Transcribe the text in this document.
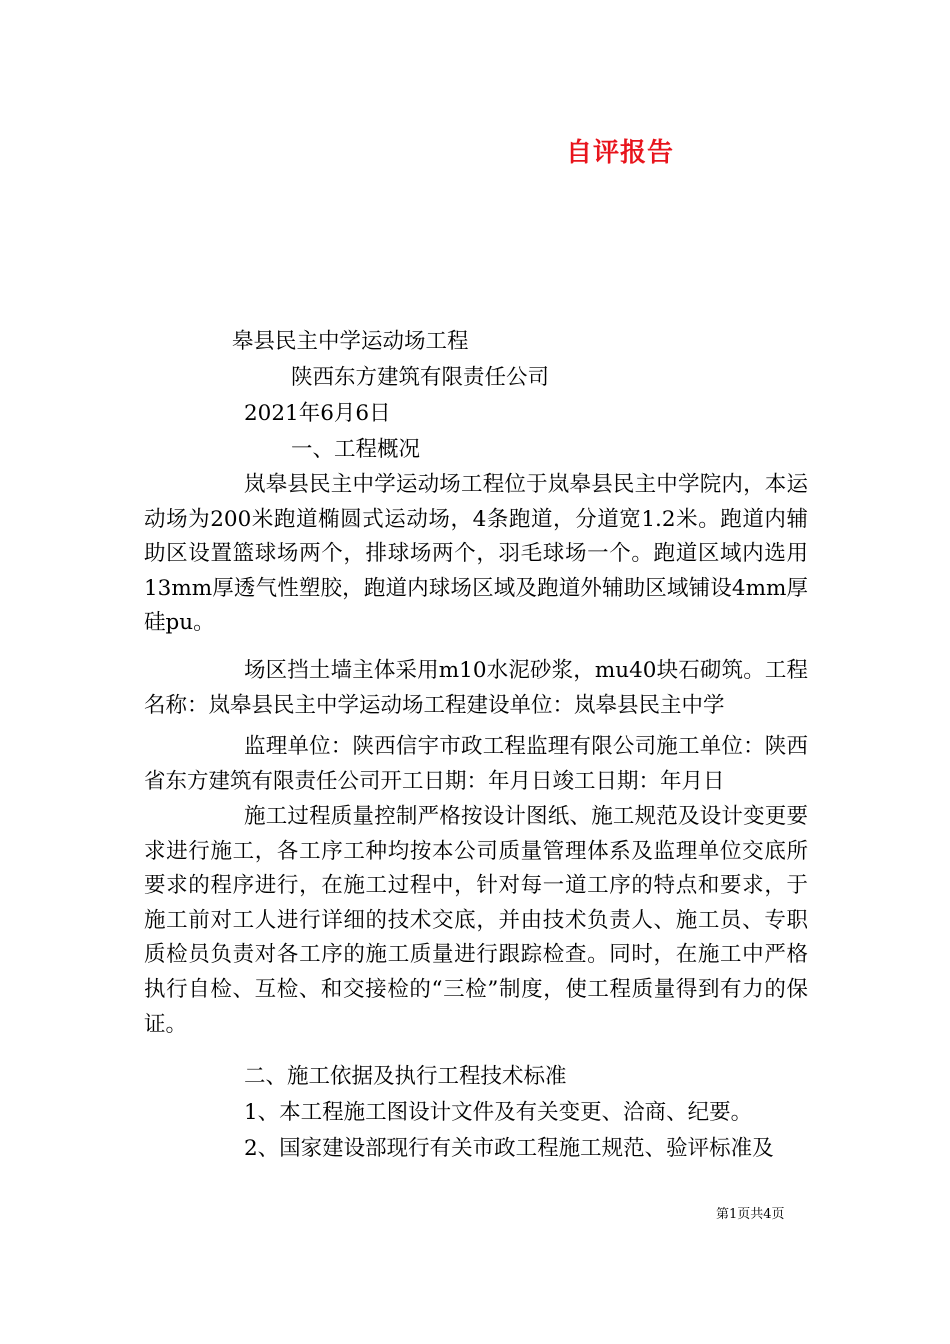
自评报告
皋县民主中学运动场工程
陕西东方建筑有限责任公司
2021年6月6日
一、工程概况
岚皋县民主中学运动场工程位于岚皋县民主中学院内，本运动场为200米跑道椭圆式运动场，4条跑道，分道宽1.2米。跑道内辅助区设置篮球场两个，排球场两个，羽毛球场一个。跑道区域内选用13mm厚透气性塑胶，跑道内球场区域及跑道外辅助区域铺设4mm厚硅pu。
场区挡土墙主体采用m10水泥砂浆，mu40块石砌筑。工程名称：岚皋县民主中学运动场工程建设单位：岚皋县民主中学
监理单位：陕西信宇市政工程监理有限公司施工单位：陕西省东方建筑有限责任公司开工日期：年月日竣工日期：年月日
施工过程质量控制严格按设计图纸、施工规范及设计变更要求进行施工，各工序工种均按本公司质量管理体系及监理单位交底所要求的程序进行，在施工过程中，针对每一道工序的特点和要求，于施工前对工人进行详细的技术交底，并由技术负责人、施工员、专职质检员负责对各工序的施工质量进行跟踪检查。同时，在施工中严格执行自检、互检、和交接检的“三检”制度，使工程质量得到有力的保证。
二、施工依据及执行工程技术标准
1、本工程施工图设计文件及有关变更、洽商、纪要。
2、国家建设部现行有关市政工程施工规范、验评标准及
第1页共4页
